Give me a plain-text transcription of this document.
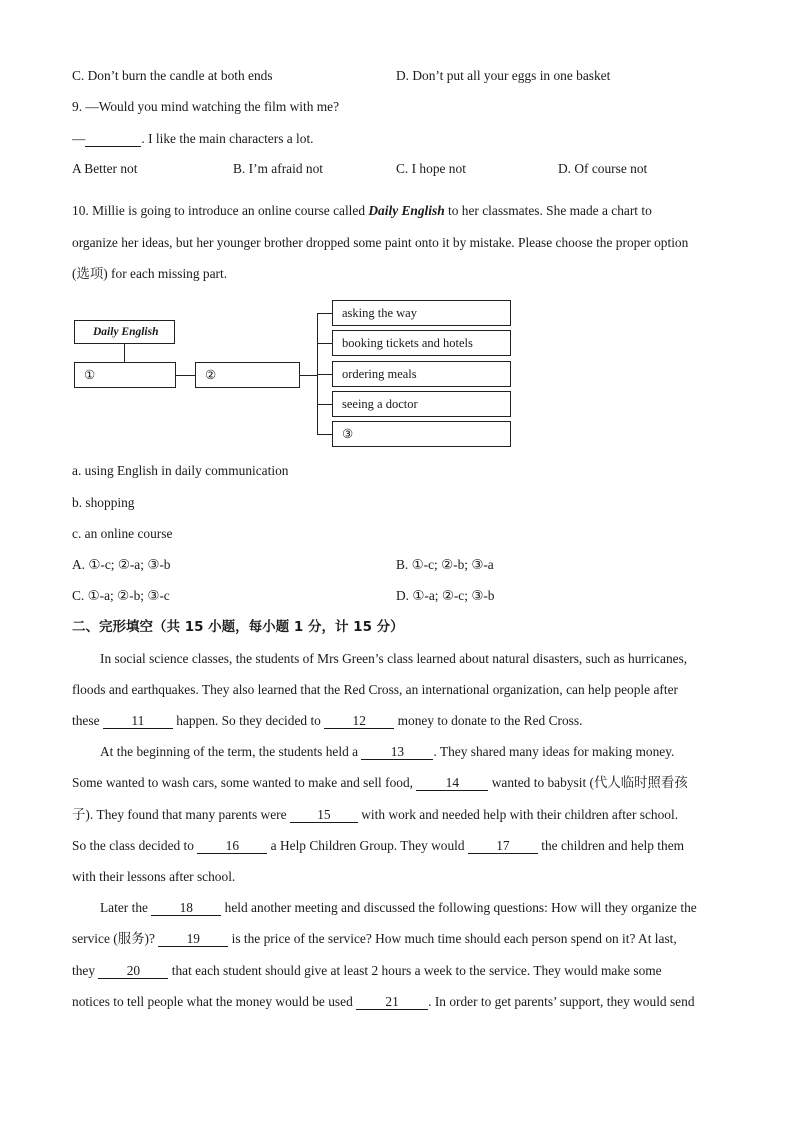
C. Don’t burn the candle at both ends	D. Don’t put all your eggs in one basket
9. —Would you mind watching the film with me?
—	. I like the main characters a lot.
A Better not	B. I’m afraid not	C. I hope not	D. Of course not
10. Millie is going to introduce an online course called Daily English to her classmates. She made a chart to
organize her ideas, but her younger brother dropped some paint onto it by mistake. Please choose the proper option
(选项) for each missing part.
Daily English
①	②
asking the way
booking tickets and hotels
ordering meals
seeing a doctor
③
a. using English in daily communication
b. shopping
c. an online course
A. ①-c; ②-a; ③-b	B. ①-c; ②-b; ③-a
C. ①-a; ②-b; ③-c	D. ①-a; ②-c; ③-b
二、完形填空（共 15 小题，每小题 1 分，计 15 分）
In social science classes, the students of Mrs Green’s class learned about natural disasters, such as hurricanes,
floods and earthquakes. They also learned that the Red Cross, an international organization, can help people after
these 11 happen. So they decided to 12 money to donate to the Red Cross.
At the beginning of the term, the students held a 13 . They shared many ideas for making money.
Some wanted to wash cars, some wanted to make and sell food, 14 wanted to babysit (代人临时照看孩
子). They found that many parents were 15 with work and needed help with their children after school.
So the class decided to 16 a Help Children Group. They would 17 the children and help them
with their lessons after school.
Later the 18 held another meeting and discussed the following questions: How will they organize the
service (服务)? 19 is the price of the service? How much time should each person spend on it? At last,
they 20 that each student should give at least 2 hours a week to the service. They would make some
notices to tell people what the money would be used 21 . In order to get parents’ support, they would send
